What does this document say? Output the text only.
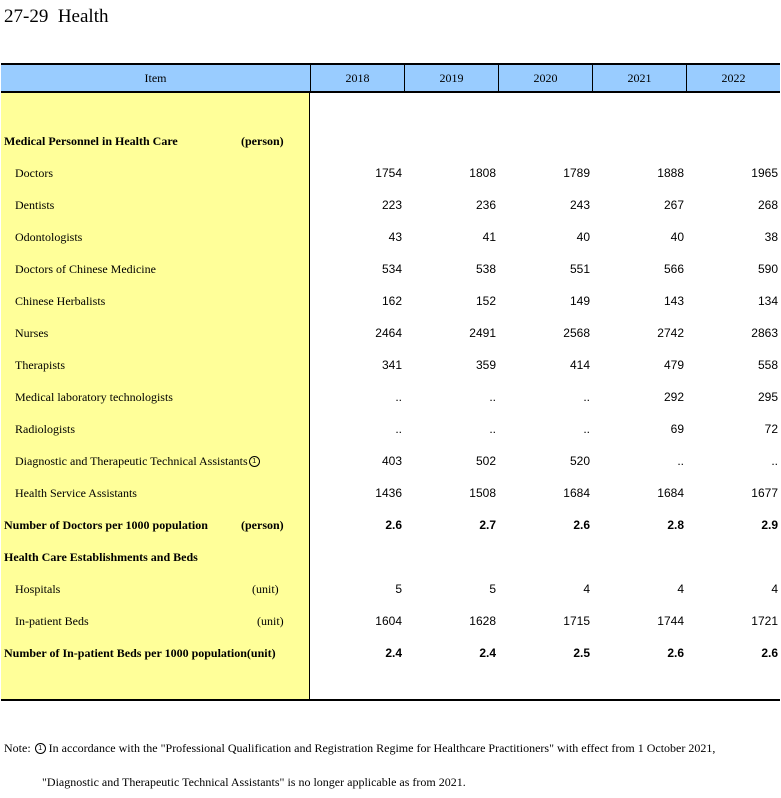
27-29  Health
Item	2018	2019	2020	2021	2022
Medical Personnel in Health Care	(person)
Doctors	1754	1808	1789	1888	1965
Dentists	223	236	243	267	268
Odontologists	43	41	40	40	38
Doctors of Chinese Medicine	534	538	551	566	590
Chinese Herbalists	162	152	149	143	134
Nurses	2464	2491	2568	2742	2863
Therapists	341	359	414	479	558
Medical laboratory technologists	..	..	..	292	295
Radiologists	..	..	..	69	72
Diagnostic and Therapeutic Technical Assistants 1	403	502	520	..	..
Health Service Assistants	1436	1508	1684	1684	1677
Number of Doctors per 1000 population	(person)	2.6	2.7	2.6	2.8	2.9
Health Care Establishments and Beds
Hospitals	(unit)	5	5	4	4	4
In-patient Beds	(unit)	1604	1628	1715	1744	1721
Number of In-patient Beds per 1000 population(unit)	2.4	2.4	2.5	2.6	2.6
Note: 1 In accordance with the "Professional Qualification and Registration Regime for Healthcare Practitioners" with effect from 1 October 2021,
"Diagnostic and Therapeutic Technical Assistants" is no longer applicable as from 2021.
